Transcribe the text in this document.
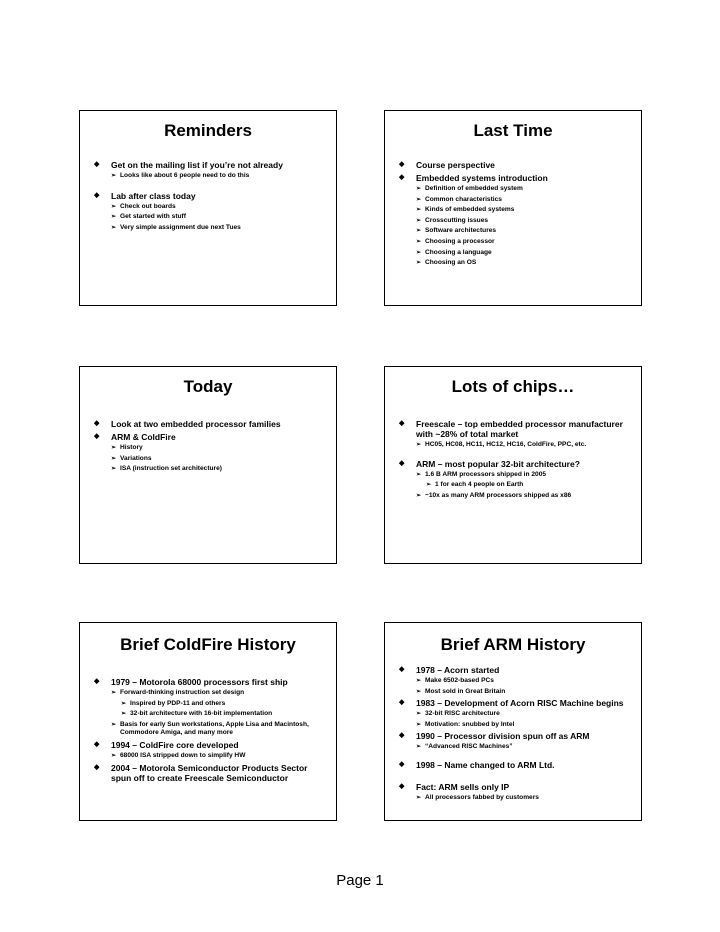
Reminders
◆ Get on the mailing list if you’re not already
➢ Looks like about 6 people need to do this
◆ Lab after class today
➢ Check out boards
➢ Get started with stuff
➢ Very simple assignment due next Tues
Last Time
◆ Course perspective
◆ Embedded systems introduction
➢ Definition of embedded system
➢ Common characteristics
➢ Kinds of embedded systems
➢ Crosscutting issues
➢ Software architectures
➢ Choosing a processor
➢ Choosing a language
➢ Choosing an OS
Today
◆ Look at two embedded processor families
◆ ARM & ColdFire
➢ History
➢ Variations
➢ ISA (instruction set architecture)
Lots of chips…
◆ Freescale – top embedded processor manufacturer with ~28% of total market
➢ HC05, HC08, HC11, HC12, HC16, ColdFire, PPC, etc.
◆ ARM – most popular 32-bit architecture?
➢ 1.6 B ARM processors shipped in 2005
➢ 1 for each 4 people on Earth
➢ ~10x as many ARM processors shipped as x86
Brief ColdFire History
◆ 1979 – Motorola 68000 processors first ship
➢ Forward-thinking instruction set design
➢ Inspired by PDP-11 and others
➢ 32-bit architecture with 16-bit implementation
➢ Basis for early Sun workstations, Apple Lisa and Macintosh, Commodore Amiga, and many more
◆ 1994 – ColdFire core developed
➢ 68000 ISA stripped down to simplify HW
◆ 2004 – Motorola Semiconductor Products Sector spun off to create Freescale Semiconductor
Brief ARM History
◆ 1978 – Acorn started
➢ Make 6502-based PCs
➢ Most sold in Great Britain
◆ 1983 – Development of Acorn RISC Machine begins
➢ 32-bit RISC architecture
➢ Motivation: snubbed by Intel
◆ 1990 – Processor division spun off as ARM
➢ “Advanced RISC Machines”
◆ 1998 – Name changed to ARM Ltd.
◆ Fact: ARM sells only IP
➢ All processors fabbed by customers
Page 1
